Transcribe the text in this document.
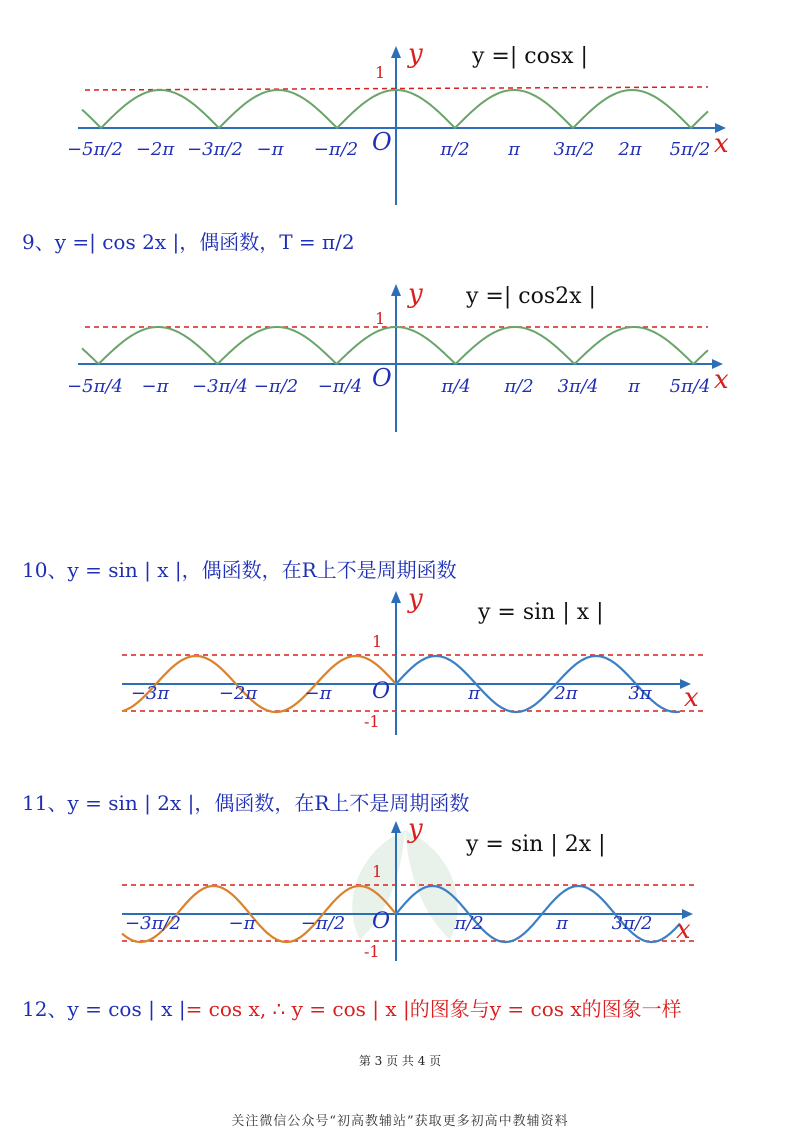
1
O	x
y
−5π/2 −2π −3π/2 −π −π/2	π/2 π 3π/2 2π 5π/2
y =| cosx |
9、y =| cos 2x |，偶函数，T = π/2
1
O	x
y
−5π/4 −π −3π/4 −π/2 −π/4	π/4 π/2 3π/4 π 5π/4
y =| cos2x |
10、y = sin | x |，偶函数，在R上不是周期函数
1
-1
O	x
y
−3π	−2π	−π	π	2π	3π
y = sin | x |
11、y = sin | 2x |，偶函数，在R上不是周期函数
1
-1
O	x
y
−3π/2	−π	−π/2	π/2	π 3π/2
y = sin | 2x |
12、y = cos | x |= cos x, ∴ y = cos | x |的图象与y = cos x的图象一样
第 3 页 共 4 页
关注微信公众号“初高教辅站”获取更多初高中教辅资料
